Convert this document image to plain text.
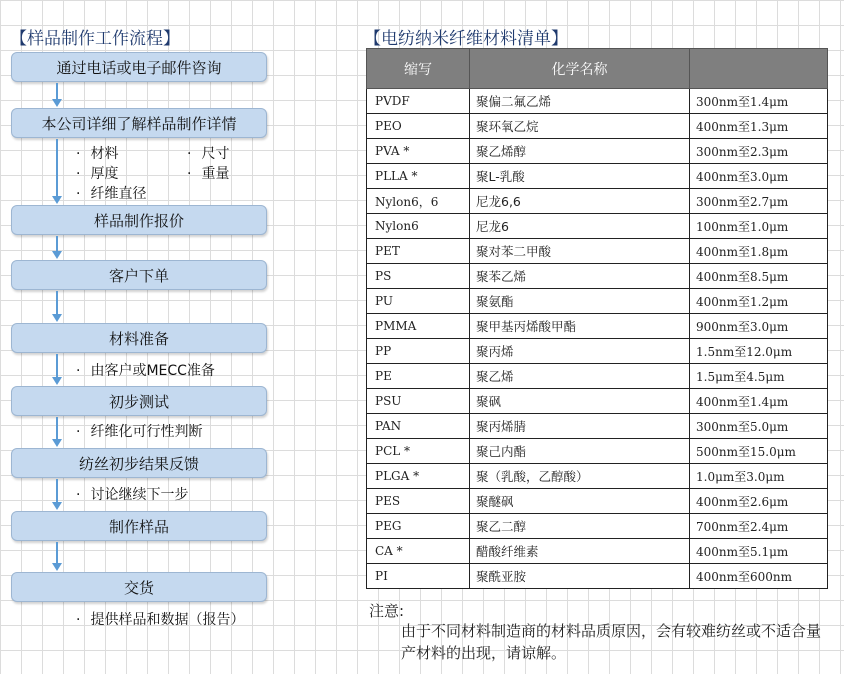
【样品制作工作流程】	【电纺纳米纤维材料清单】
通过电话或电子邮件咨询
本公司详细了解样品制作详情
样品制作报价
客户下单
材料准备
初步测试
纺丝初步结果反馈
制作样品
交货
· 材料	· 尺寸
· 厚度	· 重量
· 纤维直径
· 由客户或MECC准备
· 纤维化可行性判断
· 讨论继续下一步
· 提供样品和数据（报告）
缩写	化学名称	
PVDF	聚偏二氟乙烯	300nm至1.4μm
PEO	聚环氧乙烷	400nm至1.3μm
PVA *	聚乙烯醇	300nm至2.3μm
PLLA *	聚L-乳酸	400nm至3.0μm
Nylon6，6	尼龙6,6	300nm至2.7μm
Nylon6	尼龙6	100nm至1.0μm
PET	聚对苯二甲酸	400nm至1.8μm
PS	聚苯乙烯	400nm至8.5μm
PU	聚氨酯	400nm至1.2μm
PMMA	聚甲基丙烯酸甲酯	900nm至3.0μm
PP	聚丙烯	1.5nm至12.0μm
PE	聚乙烯	1.5μm至4.5μm
PSU	聚砜	400nm至1.4μm
PAN	聚丙烯腈	300nm至5.0μm
PCL *	聚己内酯	500nm至15.0μm
PLGA *	聚（乳酸，乙醇酸）	1.0μm至3.0μm
PES	聚醚砜	400nm至2.6μm
PEG	聚乙二醇	700nm至2.4μm
CA *	醋酸纤维素	400nm至5.1μm
PI	聚酰亚胺	400nm至600nm
注意:
由于不同材料制造商的材料品质原因，会有较难纺丝或不适合量产材料的出现，请谅解。
